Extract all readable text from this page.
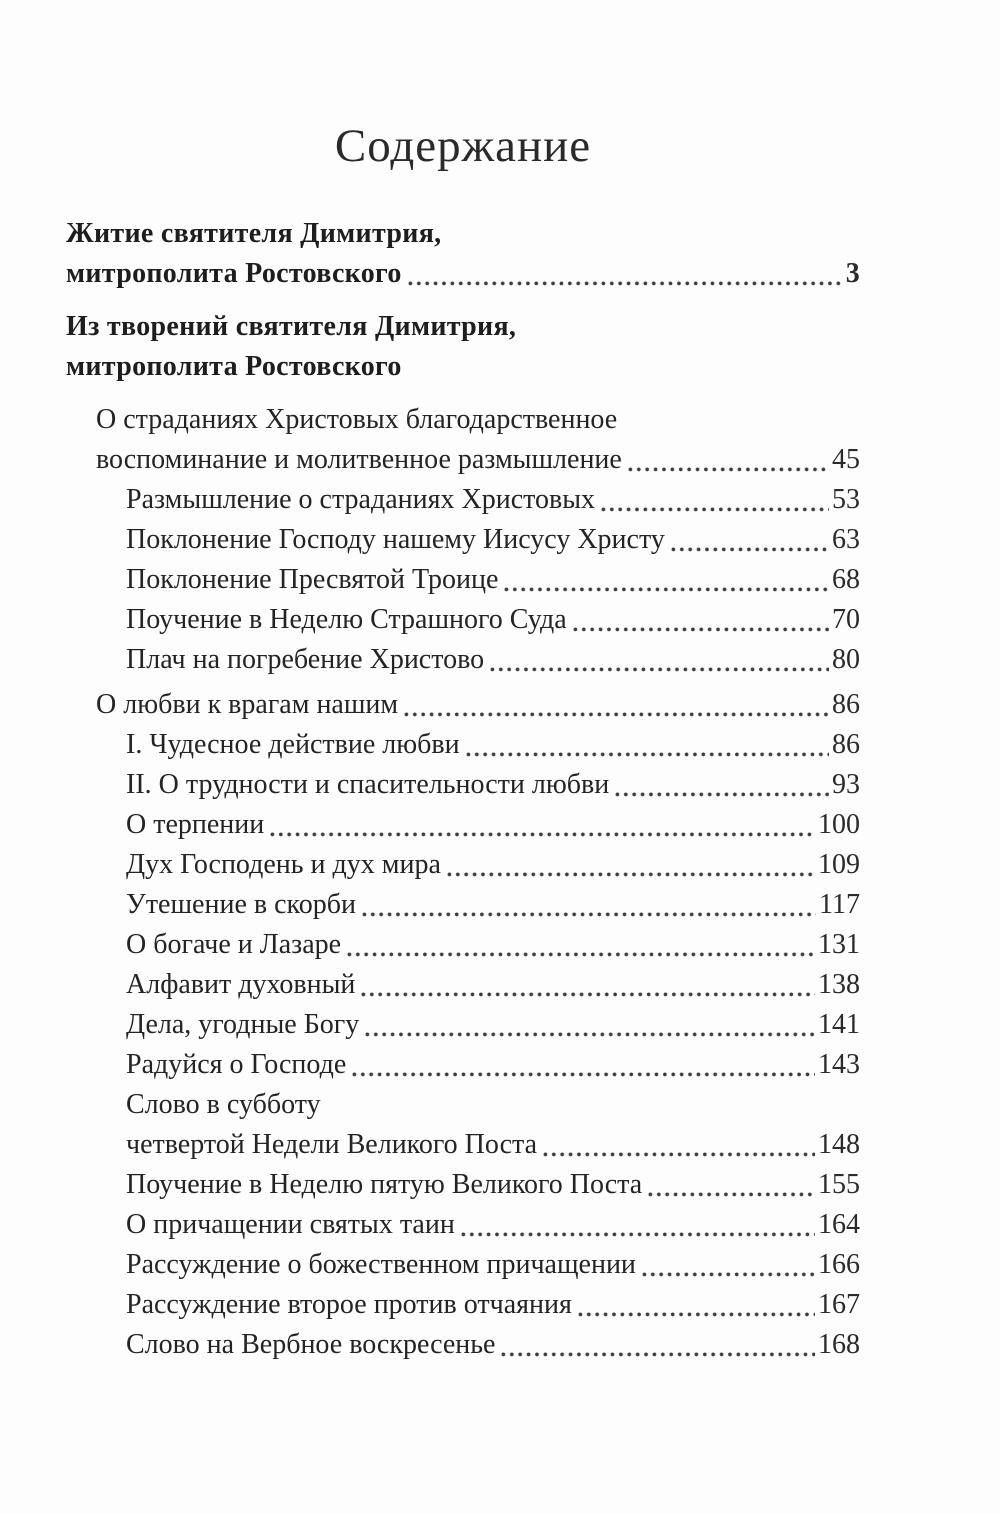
Содержание
Житие святителя Димитрия,
митрополита Ростовского	3
Из творений святителя Димитрия,
митрополита Ростовского
О страданиях Христовых благодарственное
воспоминание и молитвенное размышление	45
Размышление о страданиях Христовых	53
Поклонение Господу нашему Иисусу Христу	63
Поклонение Пресвятой Троице	68
Поучение в Неделю Страшного Суда	70
Плач на погребение Христово	80
О любви к врагам нашим	86
I. Чудесное действие любви	86
II. О трудности и спасительности любви	93
О терпении	100
Дух Господень и дух мира	109
Утешение в скорби	117
О богаче и Лазаре	131
Алфавит духовный	138
Дела, угодные Богу	141
Радуйся о Господе	143
Слово в субботу
четвертой Недели Великого Поста	148
Поучение в Неделю пятую Великого Поста	155
О причащении святых таин	164
Рассуждение о божественном причащении	166
Рассуждение второе против отчаяния	167
Слово на Вербное воскресенье	168
